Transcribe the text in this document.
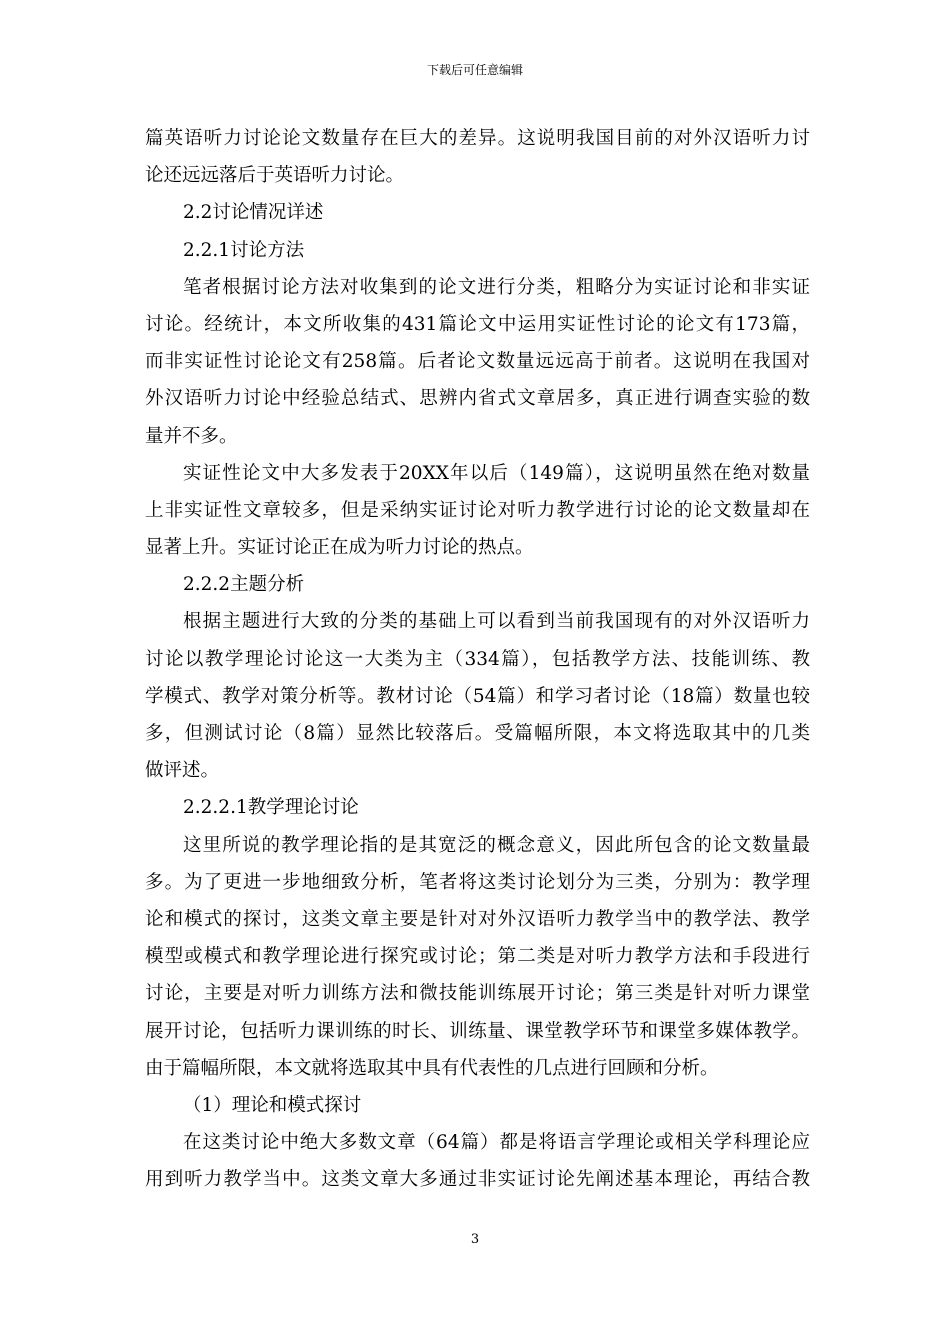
下载后可任意编辑
篇英语听力讨论论文数量存在巨大的差异。这说明我国目前的对外汉语听力讨
论还远远落后于英语听力讨论。
2.2讨论情况详述
2.2.1讨论方法
笔者根据讨论方法对收集到的论文进行分类，粗略分为实证讨论和非实证
讨论。经统计，本文所收集的431篇论文中运用实证性讨论的论文有173篇，
而非实证性讨论论文有258篇。后者论文数量远远高于前者。这说明在我国对
外汉语听力讨论中经验总结式、思辨内省式文章居多，真正进行调查实验的数
量并不多。
实证性论文中大多发表于20XX年以后（149篇），这说明虽然在绝对数量
上非实证性文章较多，但是采纳实证讨论对听力教学进行讨论的论文数量却在
显著上升。实证讨论正在成为听力讨论的热点。
2.2.2主题分析
根据主题进行大致的分类的基础上可以看到当前我国现有的对外汉语听力
讨论以教学理论讨论这一大类为主（334篇），包括教学方法、技能训练、教
学模式、教学对策分析等。教材讨论（54篇）和学习者讨论（18篇）数量也较
多，但测试讨论（8篇）显然比较落后。受篇幅所限，本文将选取其中的几类
做评述。
2.2.2.1教学理论讨论
这里所说的教学理论指的是其宽泛的概念意义，因此所包含的论文数量最
多。为了更进一步地细致分析，笔者将这类讨论划分为三类，分别为：教学理
论和模式的探讨，这类文章主要是针对对外汉语听力教学当中的教学法、教学
模型或模式和教学理论进行探究或讨论；第二类是对听力教学方法和手段进行
讨论，主要是对听力训练方法和微技能训练展开讨论；第三类是针对听力课堂
展开讨论，包括听力课训练的时长、训练量、课堂教学环节和课堂多媒体教学。
由于篇幅所限，本文就将选取其中具有代表性的几点进行回顾和分析。
（1）理论和模式探讨
在这类讨论中绝大多数文章（64篇）都是将语言学理论或相关学科理论应
用到听力教学当中。这类文章大多通过非实证讨论先阐述基本理论，再结合教
3
